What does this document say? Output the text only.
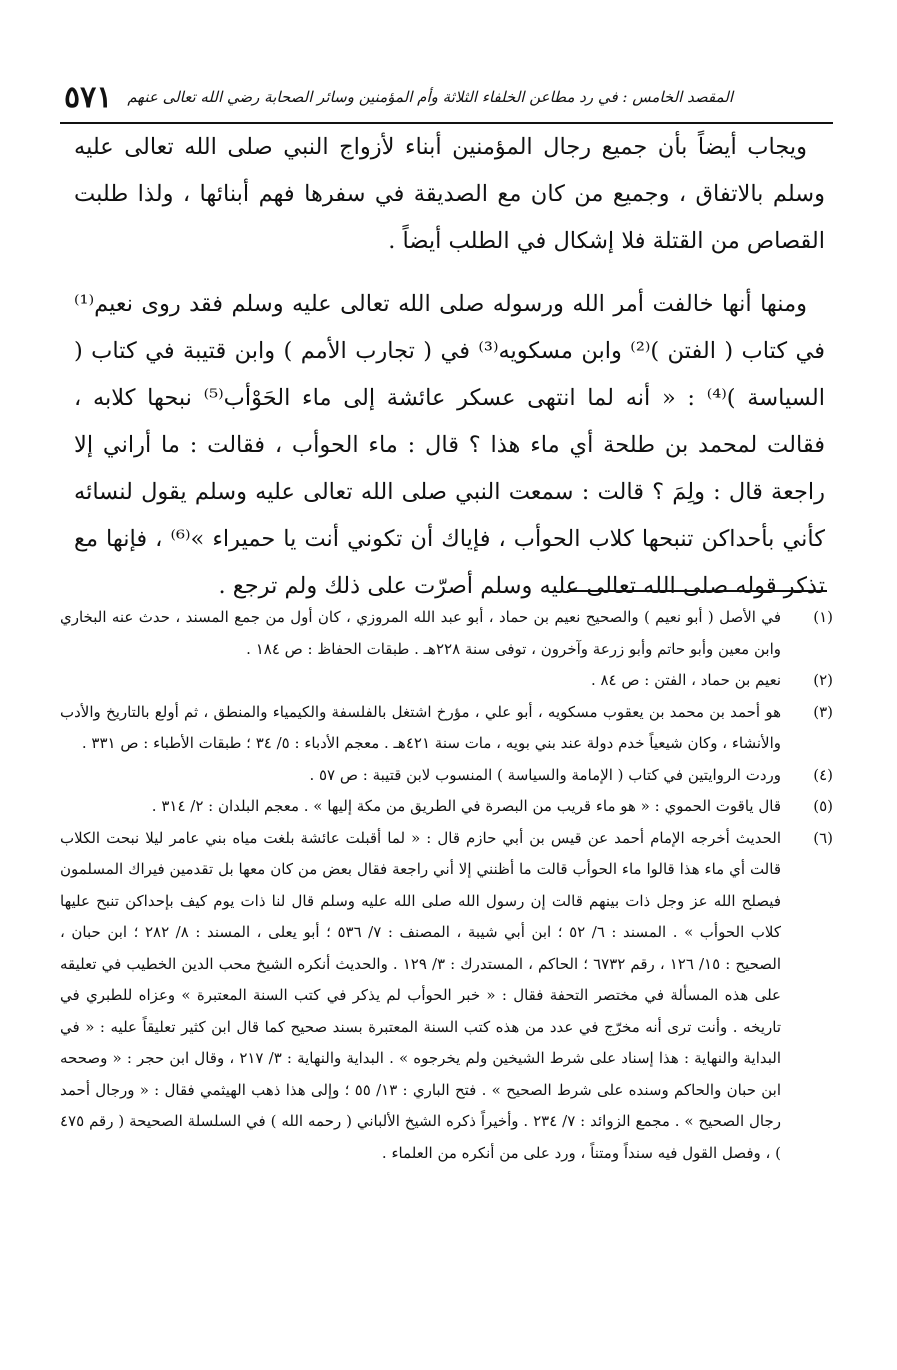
المقصد الخامس : في رد مطاعن الخلفاء الثلاثة وأم المؤمنين وسائر الصحابة رضي الله تعالى عنهم
٥٧١

ويجاب أيضاً بأن جميع رجال المؤمنين أبناء لأزواج النبي صلى الله تعالى عليه وسلم بالاتفاق ، وجميع من كان مع الصديقة في سفرها فهم أبنائها ، ولذا طلبت القصاص من القتلة فلا إشكال في الطلب أيضاً .

ومنها أنها خالفت أمر الله ورسوله صلى الله تعالى عليه وسلم فقد روى نعيم⁽¹⁾ في كتاب ( الفتن )⁽²⁾ وابن مسكويه⁽³⁾ في ( تجارب الأمم ) وابن قتيبة في كتاب ( السياسة )⁽⁴⁾ : « أنه لما انتهى عسكر عائشة إلى ماء الحَوْأب⁽⁵⁾ نبحها كلابه ، فقالت لمحمد بن طلحة أي ماء هذا ؟ قال : ماء الحوأب ، فقالت : ما أراني إلا راجعة قال : ولِمَ ؟ قالت : سمعت النبي صلى الله تعالى عليه وسلم يقول لنسائه كأني بأحداكن تنبحها كلاب الحوأب ، فإياك أن تكوني أنت يا حميراء »⁽⁶⁾ ، فإنها مع تذكر قوله صلى الله تعالى عليه وسلم أصرّت على ذلك ولم ترجع .

(١)
في الأصل ( أبو نعيم ) والصحيح نعيم بن حماد ، أبو عبد الله المروزي ، كان أول من جمع المسند ، حدث عنه البخاري وابن معين وأبو حاتم وأبو زرعة وآخرون ، توفى سنة ٢٢٨هـ . طبقات الحفاظ : ص ١٨٤ .
(٢)
نعيم بن حماد ، الفتن : ص ٨٤ .
(٣)
هو أحمد بن محمد بن يعقوب مسكويه ، أبو علي ، مؤرخ اشتغل بالفلسفة والكيمياء والمنطق ، ثم أولع بالتاريخ والأدب والأنشاء ، وكان شيعياً خدم دولة عند بني بويه ، مات سنة ٤٢١هـ . معجم الأدباء : ٥/ ٣٤ ؛ طبقات الأطباء : ص ٣٣١ .
(٤)
وردت الروايتين في كتاب ( الإمامة والسياسة ) المنسوب لابن قتيبة : ص ٥٧ .
(٥)
قال ياقوت الحموي : « هو ماء قريب من البصرة في الطريق من مكة إليها » . معجم البلدان : ٢/ ٣١٤ .
(٦)
الحديث أخرجه الإمام أحمد عن قيس بن أبي حازم قال : « لما أقبلت عائشة بلغت مياه بني عامر ليلا نبحت الكلاب قالت أي ماء هذا قالوا ماء الحوأب قالت ما أظنني إلا أني راجعة فقال بعض من كان معها بل تقدمين فيراك المسلمون فيصلح الله عز وجل ذات بينهم قالت إن رسول الله صلى الله عليه وسلم قال لنا ذات يوم كيف بإحداكن تنبح عليها كلاب الحوأب » . المسند : ٦/ ٥٢ ؛ ابن أبي شيبة ، المصنف : ٧/ ٥٣٦ ؛ أبو يعلى ، المسند : ٨/ ٢٨٢ ؛ ابن حبان ، الصحيح : ١٥/ ١٢٦ ، رقم ٦٧٣٢ ؛ الحاكم ، المستدرك : ٣/ ١٢٩ . والحديث أنكره الشيخ محب الدين الخطيب في تعليقه على هذه المسألة في مختصر التحفة فقال : « خبر الحوأب لم يذكر في كتب السنة المعتبرة » وعزاه للطبري في تاريخه . وأنت ترى أنه مخرّج في عدد من هذه كتب السنة المعتبرة بسند صحيح كما قال ابن كثير تعليقاً عليه : « في البداية والنهاية : هذا إسناد على شرط الشيخين ولم يخرجوه » . البداية والنهاية : ٣/ ٢١٧ ، وقال ابن حجر : « وصححه ابن حبان والحاكم وسنده على شرط الصحيح » . فتح الباري : ١٣/ ٥٥ ؛ وإلى هذا ذهب الهيثمي فقال : « ورجال أحمد رجال الصحيح » . مجمع الزوائد : ٧/ ٢٣٤ . وأخيراً ذكره الشيخ الألباني ( رحمه الله ) في السلسلة الصحيحة ( رقم ٤٧٥ ) ، وفصل القول فيه سنداً ومتناً ، ورد على من أنكره من العلماء .
